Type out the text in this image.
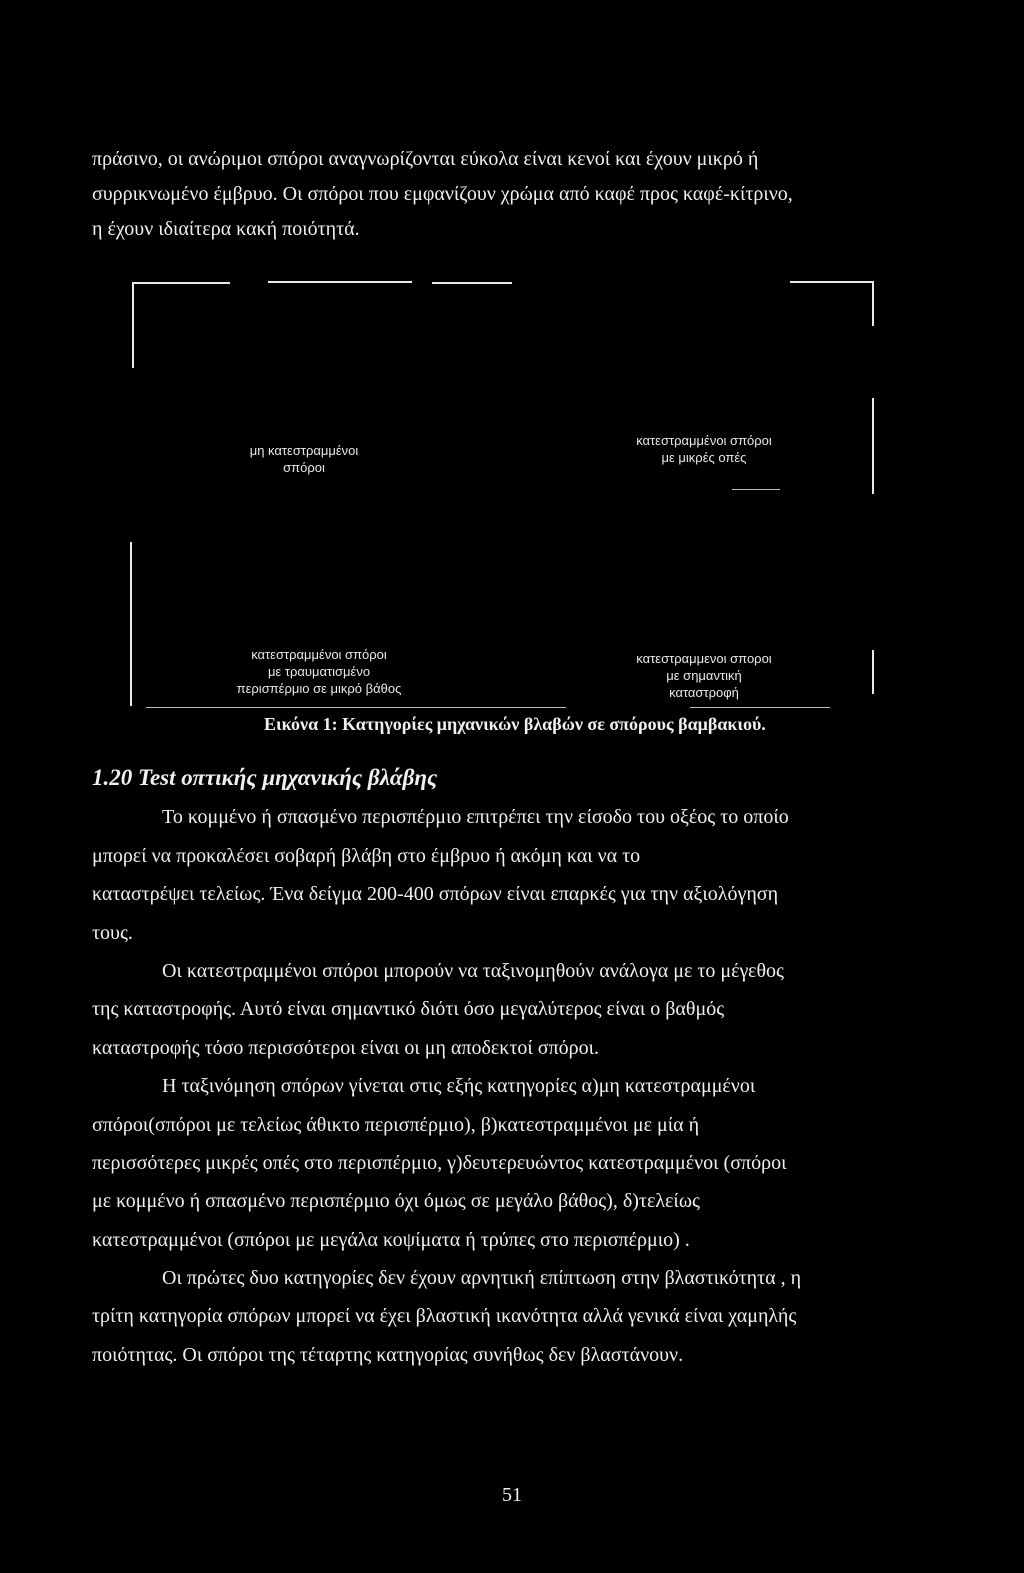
πράσινο, οι ανώριμοι σπόροι αναγνωρίζονται εύκολα είναι κενοί και έχουν μικρό ή
συρρικνωμένο έμβρυο. Οι σπόροι που εμφανίζουν χρώμα από καφέ προς καφέ-κίτρινο,
η έχουν ιδιαίτερα κακή ποιότητά.
μη κατεστραμμένοι
σπόροι
κατεστραμμένοι σπόροι
με μικρές οπές
κατεστραμμένοι σπόροι
με τραυματισμένο
περισπέρμιο σε μικρό βάθος
κατεστραμμενοι σποροι
με σημαντική
καταστροφή
Εικόνα 1: Κατηγορίες μηχανικών βλαβών σε σπόρους βαμβακιού.
1.20 Test οπτικής μηχανικής βλάβης
Το κομμένο ή σπασμένο περισπέρμιο επιτρέπει την είσοδο του οξέος το οποίο
μπορεί να προκαλέσει σοβαρή βλάβη στο έμβρυο ή ακόμη και να το
καταστρέψει τελείως. Ένα δείγμα 200-400 σπόρων είναι επαρκές για την αξιολόγηση
τους.
Οι κατεστραμμένοι σπόροι μπορούν να ταξινομηθούν ανάλογα με το μέγεθος
της καταστροφής. Αυτό είναι σημαντικό διότι όσο μεγαλύτερος είναι ο βαθμός
καταστροφής τόσο περισσότεροι είναι οι μη αποδεκτοί σπόροι.
Η ταξινόμηση σπόρων γίνεται στις εξής κατηγορίες α)μη κατεστραμμένοι
σπόροι(σπόροι με τελείως άθικτο περισπέρμιο), β)κατεστραμμένοι με μία ή
περισσότερες μικρές οπές στο περισπέρμιο, γ)δευτερευώντος κατεστραμμένοι (σπόροι
με κομμένο ή σπασμένο περισπέρμιο όχι όμως σε μεγάλο βάθος), δ)τελείως
κατεστραμμένοι (σπόροι με μεγάλα κοψίματα ή τρύπες στο περισπέρμιο) .
Οι πρώτες δυο κατηγορίες δεν έχουν αρνητική επίπτωση στην βλαστικότητα , η
τρίτη κατηγορία σπόρων μπορεί να έχει βλαστική ικανότητα αλλά γενικά είναι χαμηλής
ποιότητας. Οι σπόροι της τέταρτης κατηγορίας συνήθως δεν βλαστάνουν.
51
